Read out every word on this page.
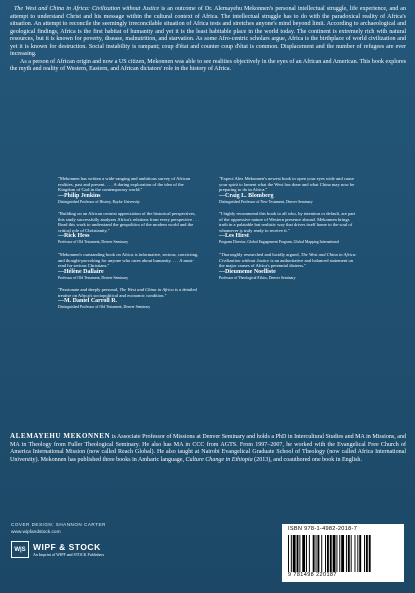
The West and China in Africa: Civilization without Justice is an outcome of Dr. Alemayehu Mekonnen's personal intellectual struggle, life experience, and an attempt to understand Christ and his message within the cultural context of Africa. The intellectual struggle has to do with the paradoxical reality of Africa's situation. An attempt to reconcile the seemingly irreconcilable situation of Africa tests and stretches anyone's mind beyond limit. According to archaeological and geological findings, Africa is the first habitat of humanity and yet it is the least habitable place in the world today. The continent is extremely rich with natural resources, but it is known for poverty, disease, malnutrition, and starvation. As some Afro-centric scholars argue, Africa is the birthplace of world civilization and yet it is known for destruction. Social instability is rampant; coup d'état and counter coup d'état is common. Displacement and the number of refugees are ever increasing.

As a person of African origin and now a US citizen, Mekonnen was able to see realities objectively in the eyes of an African and American. This book explores the myth and reality of Western, Eastern, and African dictators' role in the history of Africa.

"Mekonnen has written a wide-ranging and ambitious survey of African realities, past and present. . . . A daring exploration of the idea of the Kingdom of God in the contemporary world."

—Philip Jenkins

Distinguished Professor of History, Baylor University

"Building on an African centrist appreciation of the historical perspectives, this study successfully analyzes Africa's relations from every perspective . . . Read this work to understand the geopolitics of the modern world and the critical role of Christianity."

—Rick Hess

Professor of Old Testament, Denver Seminary

"Mekonnen's outstanding book on Africa is informative, serious, convicting, and thought-provoking for anyone who cares about humanity. . . . A must-read for serious Christians."

—Hélène Dallaire

Professor of Old Testament, Denver Seminary

"Passionate and deeply personal, The West and China in Africa is a detailed treatise on Africa's sociopolitical and economic condition."

—M. Daniel Carroll R.

Distinguished Professor of Old Testament, Denver Seminary

"Expect Alex Mekonnen's newest book to open your eyes wide and cause your spirit to lament what the West has done and what China may now be preparing to do in Africa."

—Craig L. Blomberg

Distinguished Professor of New Testament, Denver Seminary

"I highly recommend this book to all who, by intention or default, are part of the oppressive nature of Western presence abroad. Mekonnen brings truth in a palatable but realistic way that drives itself home to the soul of whomever is truly ready to receive it."

—Les Hirst

Program Director, Global Engagement Program, Global Mapping International

"Thoroughly researched and lucidly argued, The West and China in Africa: Civilization without Justice is an authoritative and balanced statement on the major causes of Africa's perennial distress."

—Dieumeme Noelliste

Professor of Theological Ethics, Denver Seminary

ALEMAYEHU MEKONNEN is Associate Professor of Missions at Denver Seminary and holds a PhD in Intercultural Studies and MA in Missions, and MA in Theology from Fuller Theological Seminary. He also has MA in CCC from AGTS. From 1997–2007, he worked with the Evangelical Free Church of America International Mission (now called Reach Global). He also taught at Nairobi Evangelical Graduate School of Theology (now called Africa International University). Mekonnen has published three books in Amharic language, Culture Change in Ethiopia (2013), and coauthored one book in English.
COVER DESIGN: SHANNON CARTER
www.wipfandstock.com
W|S WIPF & STOCK
An Imprint of WIPF and STOCK Publishers
ISBN 978-1-4982-2018-7
9 781498 220187
